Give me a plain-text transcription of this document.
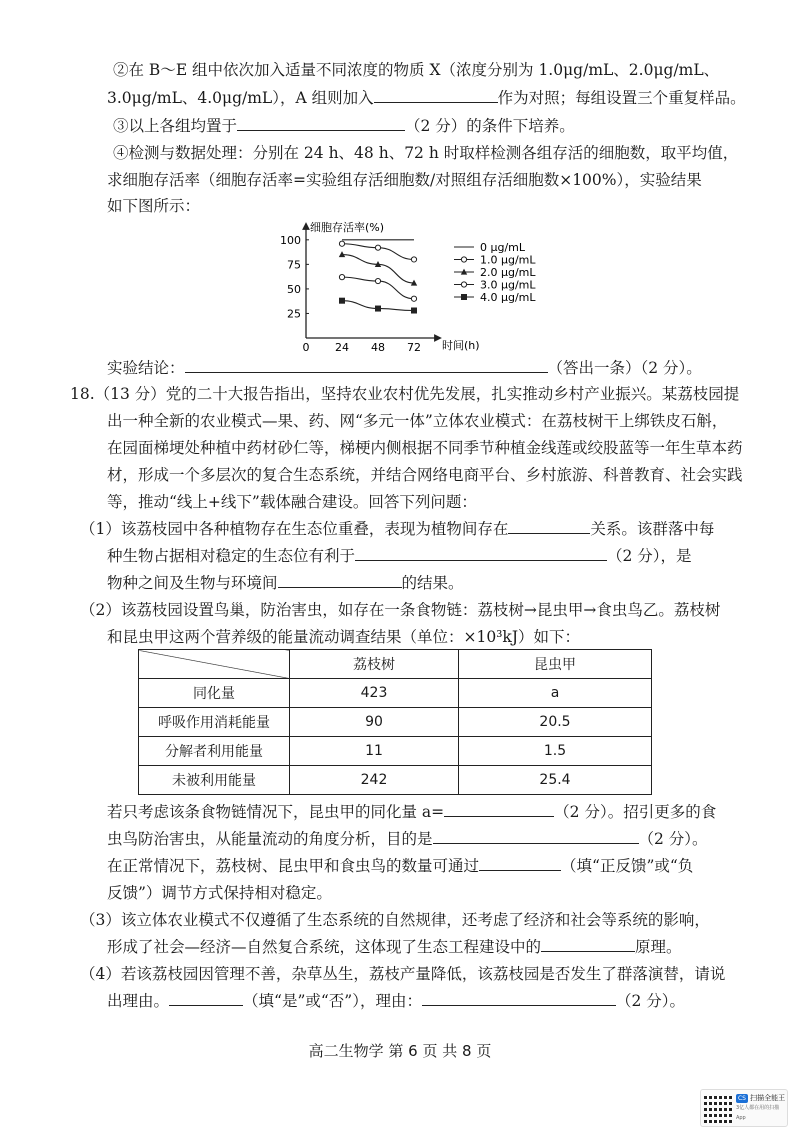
②在 B～E 组中依次加入适量不同浓度的物质 X（浓度分别为 1.0μg/mL、2.0μg/mL、
3.0μg/mL、4.0μg/mL），A 组则加入	作为对照；每组设置三个重复样品。
③以上各组均置于	（2 分）的条件下培养。
④检测与数据处理：分别在 24 h、48 h、72 h 时取样检测各组存活的细胞数，取平均值，
求细胞存活率（细胞存活率=实验组存活细胞数/对照组存活细胞数×100%），实验结果
如下图所示：
细胞存活率(%)
时间(h)
0 24 48 72
25
50
75
100
0 μg/mL
1.0 μg/mL
2.0 μg/mL
3.0 μg/mL
4.0 μg/mL
实验结论：	（答出一条）（2 分）。
18.（13 分）党的二十大报告指出，坚持农业农村优先发展，扎实推动乡村产业振兴。某荔枝园提
出一种全新的农业模式—果、药、网“多元一体”立体农业模式：在荔枝树干上绑铁皮石斛，
在园面梯埂处种植中药材砂仁等，梯梗内侧根据不同季节种植金线莲或绞股蓝等一年生草本药
材，形成一个多层次的复合生态系统，并结合网络电商平台、乡村旅游、科普教育、社会实践
等，推动“线上+线下”载体融合建设。回答下列问题：
（1）该荔枝园中各种植物存在生态位重叠，表现为植物间存在	关系。该群落中每
种生物占据相对稳定的生态位有利于	（2 分），是
物种之间及生物与环境间	的结果。
（2）该荔枝园设置鸟巢，防治害虫，如存在一条食物链：荔枝树→昆虫甲→食虫鸟乙。荔枝树
和昆虫甲这两个营养级的能量流动调查结果（单位：×10³kJ）如下：
	荔枝树	昆虫甲
同化量	423	a
呼吸作用消耗能量	90	20.5
分解者利用能量	11	1.5
未被利用能量	242	25.4
若只考虑该条食物链情况下，昆虫甲的同化量 a=	（2 分）。招引更多的食
虫鸟防治害虫，从能量流动的角度分析，目的是	（2 分）。
在正常情况下，荔枝树、昆虫甲和食虫鸟的数量可通过	（填“正反馈”或“负
反馈”）调节方式保持相对稳定。
（3）该立体农业模式不仅遵循了生态系统的自然规律，还考虑了经济和社会等系统的影响，
形成了社会—经济—自然复合系统，这体现了生态工程建设中的	原理。
（4）若该荔枝园因管理不善，杂草丛生，荔枝产量降低，该荔枝园是否发生了群落演替，请说
出理由。	（填“是”或“否”），理由：	（2 分）。
高二生物学 第 6 页 共 8 页
CS 扫描全能王
3亿人都在用的扫描App
